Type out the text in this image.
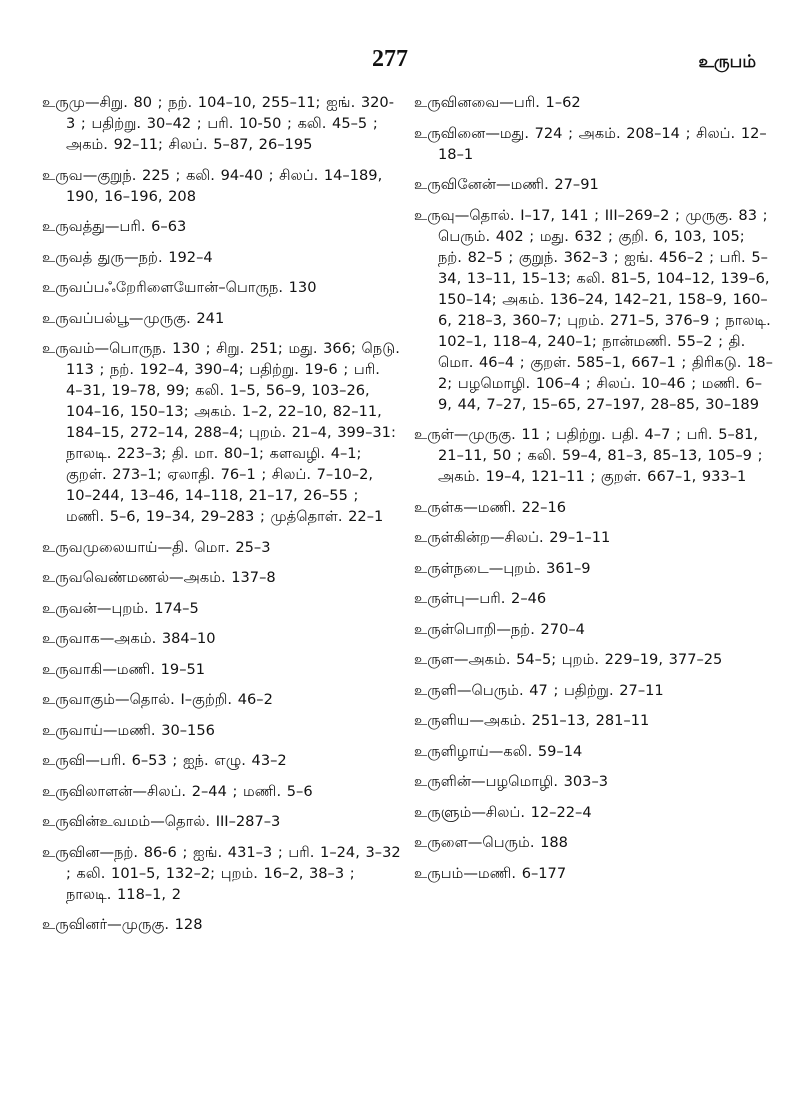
277	உருபம்
உருமு—சிறு. 80 ; நற். 104–10, 255–11; ஐங். 320-3 ; பதிற்று. 30–42 ; பரி. 10-50 ; கலி. 45–5 ; அகம். 92–11; சிலப். 5–87, 26–195
உருவ—குறுந். 225 ; கலி. 94-40 ; சிலப். 14–189, 190, 16–196, 208
உருவத்து—பரி. 6–63
உருவத் துரு—நற். 192–4
உருவப்பஃறேரிளையோன்–பொருந. 130
உருவப்பல்பூ—முருகு. 241
உருவம்—பொருந. 130 ; சிறு. 251; மது. 366; நெடு. 113 ; நற். 192–4, 390–4; பதிற்று. 19-6 ; பரி. 4–31, 19–78, 99; கலி. 1–5, 56–9, 103–26, 104–16, 150–13; அகம். 1–2, 22–10, 82–11, 184–15, 272–14, 288–4; புறம். 21–4, 399–31: நாலடி. 223–3; தி. மா. 80–1; களவழி. 4–1; குறள். 273–1; ஏலாதி. 76–1 ; சிலப். 7–10–2, 10–244, 13–46, 14–118, 21–17, 26–55 ; மணி. 5–6, 19–34, 29–283 ; முத்தொள். 22–1
உருவமுலையாய்—தி. மொ. 25–3
உருவவெண்மணல்—அகம். 137–8
உருவன்—புறம். 174–5
உருவாக—அகம். 384–10
உருவாகி—மணி. 19–51
உருவாகும்—தொல். I–குற்றி. 46–2
உருவாய்—மணி. 30–156
உருவி—பரி. 6–53 ; ஐந். எழு. 43–2
உருவிலாளன்—சிலப். 2–44 ; மணி. 5–6
உருவின்உவமம்—தொல். III–287–3
உருவின—நற். 86-6 ; ஐங். 431–3 ; பரி. 1–24, 3–32 ; கலி. 101–5, 132–2; புறம். 16–2, 38–3 ; நாலடி. 118–1, 2
உருவினர்—முருகு. 128
உருவினவை—பரி. 1–62
உருவினை—மது. 724 ; அகம். 208–14 ; சிலப். 12–18–1
உருவினேன்—மணி. 27–91
உருவு—தொல். I–17, 141 ; III–269–2 ; முருகு. 83 ; பெரும். 402 ; மது. 632 ; குறி. 6, 103, 105; நற். 82–5 ; குறுந். 362–3 ; ஐங். 456–2 ; பரி. 5–34, 13–11, 15–13; கலி. 81–5, 104–12, 139–6, 150–14; அகம். 136–24, 142–21, 158–9, 160–6, 218–3, 360–7; புறம். 271–5, 376–9 ; நாலடி. 102–1, 118–4, 240–1; நான்மணி. 55–2 ; தி. மொ. 46–4 ; குறள். 585–1, 667–1 ; திரிகடு. 18–2; பழமொழி. 106–4 ; சிலப். 10–46 ; மணி. 6–9, 44, 7–27, 15–65, 27–197, 28–85, 30–189
உருள்—முருகு. 11 ; பதிற்று. பதி. 4–7 ; பரி. 5–81, 21–11, 50 ; கலி. 59–4, 81–3, 85–13, 105–9 ; அகம். 19–4, 121–11 ; குறள். 667–1, 933–1
உருள்க—மணி. 22–16
உருள்கின்ற—சிலப். 29–1–11
உருள்நடை—புறம். 361–9
உருள்பு—பரி. 2–46
உருள்பொறி—நற். 270–4
உருள—அகம். 54–5; புறம். 229–19, 377–25
உருளி—பெரும். 47 ; பதிற்று. 27–11
உருளிய—அகம். 251–13, 281–11
உருளிழாய்—கலி. 59–14
உருளின்—பழமொழி. 303–3
உருளும்—சிலப். 12–22–4
உருளை—பெரும். 188
உருபம்—மணி. 6–177
